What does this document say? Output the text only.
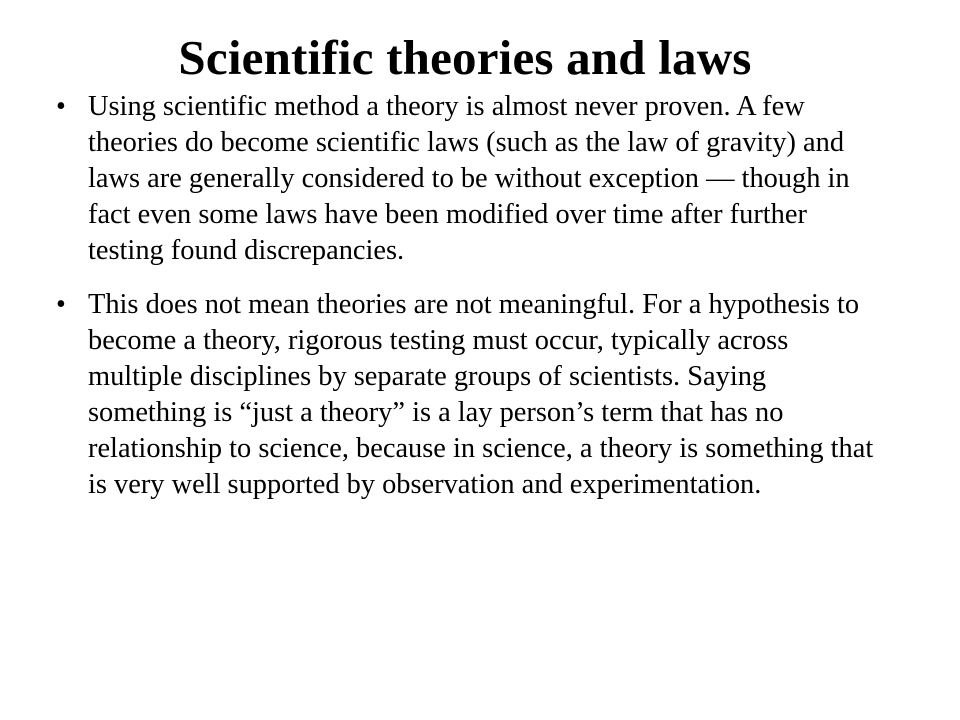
Scientific theories and laws
• Using scientific method a theory is almost never proven. A few theories do become scientific laws (such as the law of gravity) and laws are generally considered to be without exception — though in fact even some laws have been modified over time after further testing found discrepancies.
• This does not mean theories are not meaningful. For a hypothesis to become a theory, rigorous testing must occur, typically across multiple disciplines by separate groups of scientists. Saying something is “just a theory” is a lay person’s term that has no relationship to science, because in science, a theory is something that is very well supported by observation and experimentation.
